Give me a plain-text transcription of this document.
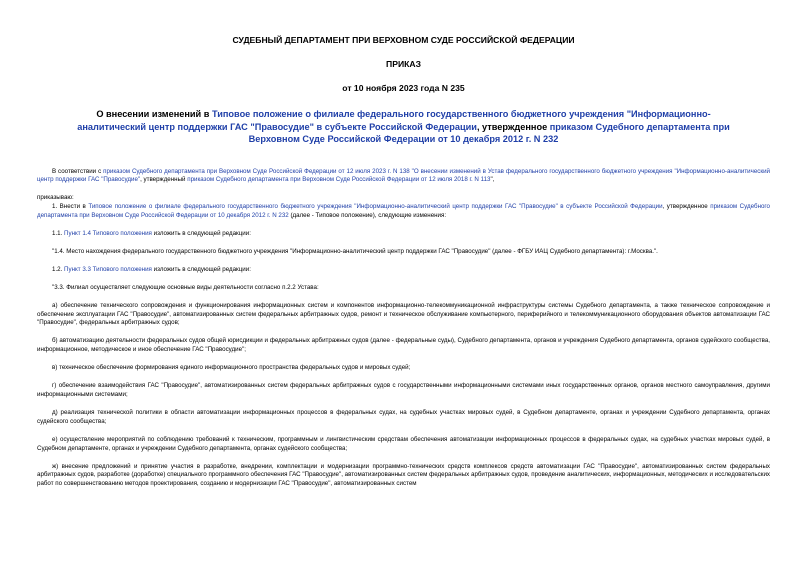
СУДЕБНЫЙ ДЕПАРТАМЕНТ ПРИ ВЕРХОВНОМ СУДЕ РОССИЙСКОЙ ФЕДЕРАЦИИ
ПРИКАЗ
от 10 ноября 2023 года N 235
О внесении изменений в Типовое положение о филиале федерального государственного бюджетного учреждения "Информационно-аналитический центр поддержки ГАС "Правосудие" в субъекте Российской Федерации, утвержденное приказом Судебного департамента при Верховном Суде Российской Федерации от 10 декабря 2012 г. N 232

В соответствии с приказом Судебного департамента при Верховном Суде Российской Федерации от 12 июля 2023 г. N 138 "О внесении изменений в Устав федерального государственного бюджетного учреждения "Информационно-аналитический центр поддержки ГАС "Правосудие", утвержденный приказом Судебного департамента при Верховном Суде Российской Федерации от 12 июля 2018 г. N 113",

приказываю:

1. Внести в Типовое положение о филиале федерального государственного бюджетного учреждения "Информационно-аналитический центр поддержки ГАС "Правосудие" в субъекте Российской Федерации, утвержденное приказом Судебного департамента при Верховном Суде Российской Федерации от 10 декабря 2012 г. N 232 (далее - Типовое положение), следующие изменения:

1.1. Пункт 1.4 Типового положения изложить в следующей редакции:

"1.4. Место нахождения федерального государственного бюджетного учреждения "Информационно-аналитический центр поддержки ГАС "Правосудие" (далее - ФГБУ ИАЦ Судебного департамента): г.Москва.".

1.2. Пункт 3.3 Типового положения изложить в следующей редакции:

"3.3. Филиал осуществляет следующие основные виды деятельности согласно п.2.2 Устава:

а) обеспечение технического сопровождения и функционирования информационных систем и компонентов информационно-телекоммуникационной инфраструктуры системы Судебного департамента, а также техническое сопровождение и обеспечение эксплуатации ГАС "Правосудие", автоматизированных систем федеральных арбитражных судов, ремонт и техническое обслуживание компьютерного, периферийного и телекоммуникационного оборудования объектов автоматизации ГАС "Правосудие", федеральных арбитражных судов;

б) автоматизацию деятельности федеральных судов общей юрисдикции и федеральных арбитражных судов (далее - федеральные суды), Судебного департамента, органов и учреждения Судебного департамента, органов судейского сообщества, информационное, методическое и иное обеспечение ГАС "Правосудие";

в) техническое обеспечение формирования единого информационного пространства федеральных судов и мировых судей;

г) обеспечение взаимодействия ГАС "Правосудие", автоматизированных систем федеральных арбитражных судов с государственными информационными системами иных государственных органов, органов местного самоуправления, другими информационными системами;

д) реализация технической политики в области автоматизации информационных процессов в федеральных судах, на судебных участках мировых судей, в Судебном департаменте, органах и учреждении Судебного департамента, органах судейского сообщества;

е) осуществление мероприятий по соблюдению требований к техническим, программным и лингвистическим средствам обеспечения автоматизации информационных процессов в федеральных судах, на судебных участках мировых судей, в Судебном департаменте, органах и учреждении Судебного департамента, органах судейского сообщества;

ж) внесение предложений и принятие участия в разработке, внедрении, комплектации и модернизации программно-технических средств комплексов средств автоматизации ГАС "Правосудие", автоматизированных систем федеральных арбитражных судов, разработке (доработке) специального программного обеспечения ГАС "Правосудие", автоматизированных систем федеральных арбитражных судов, проведение аналитических, информационных, методических и исследовательских работ по совершенствованию методов проектирования, созданию и модернизации ГАС "Правосудие", автоматизированных систем
